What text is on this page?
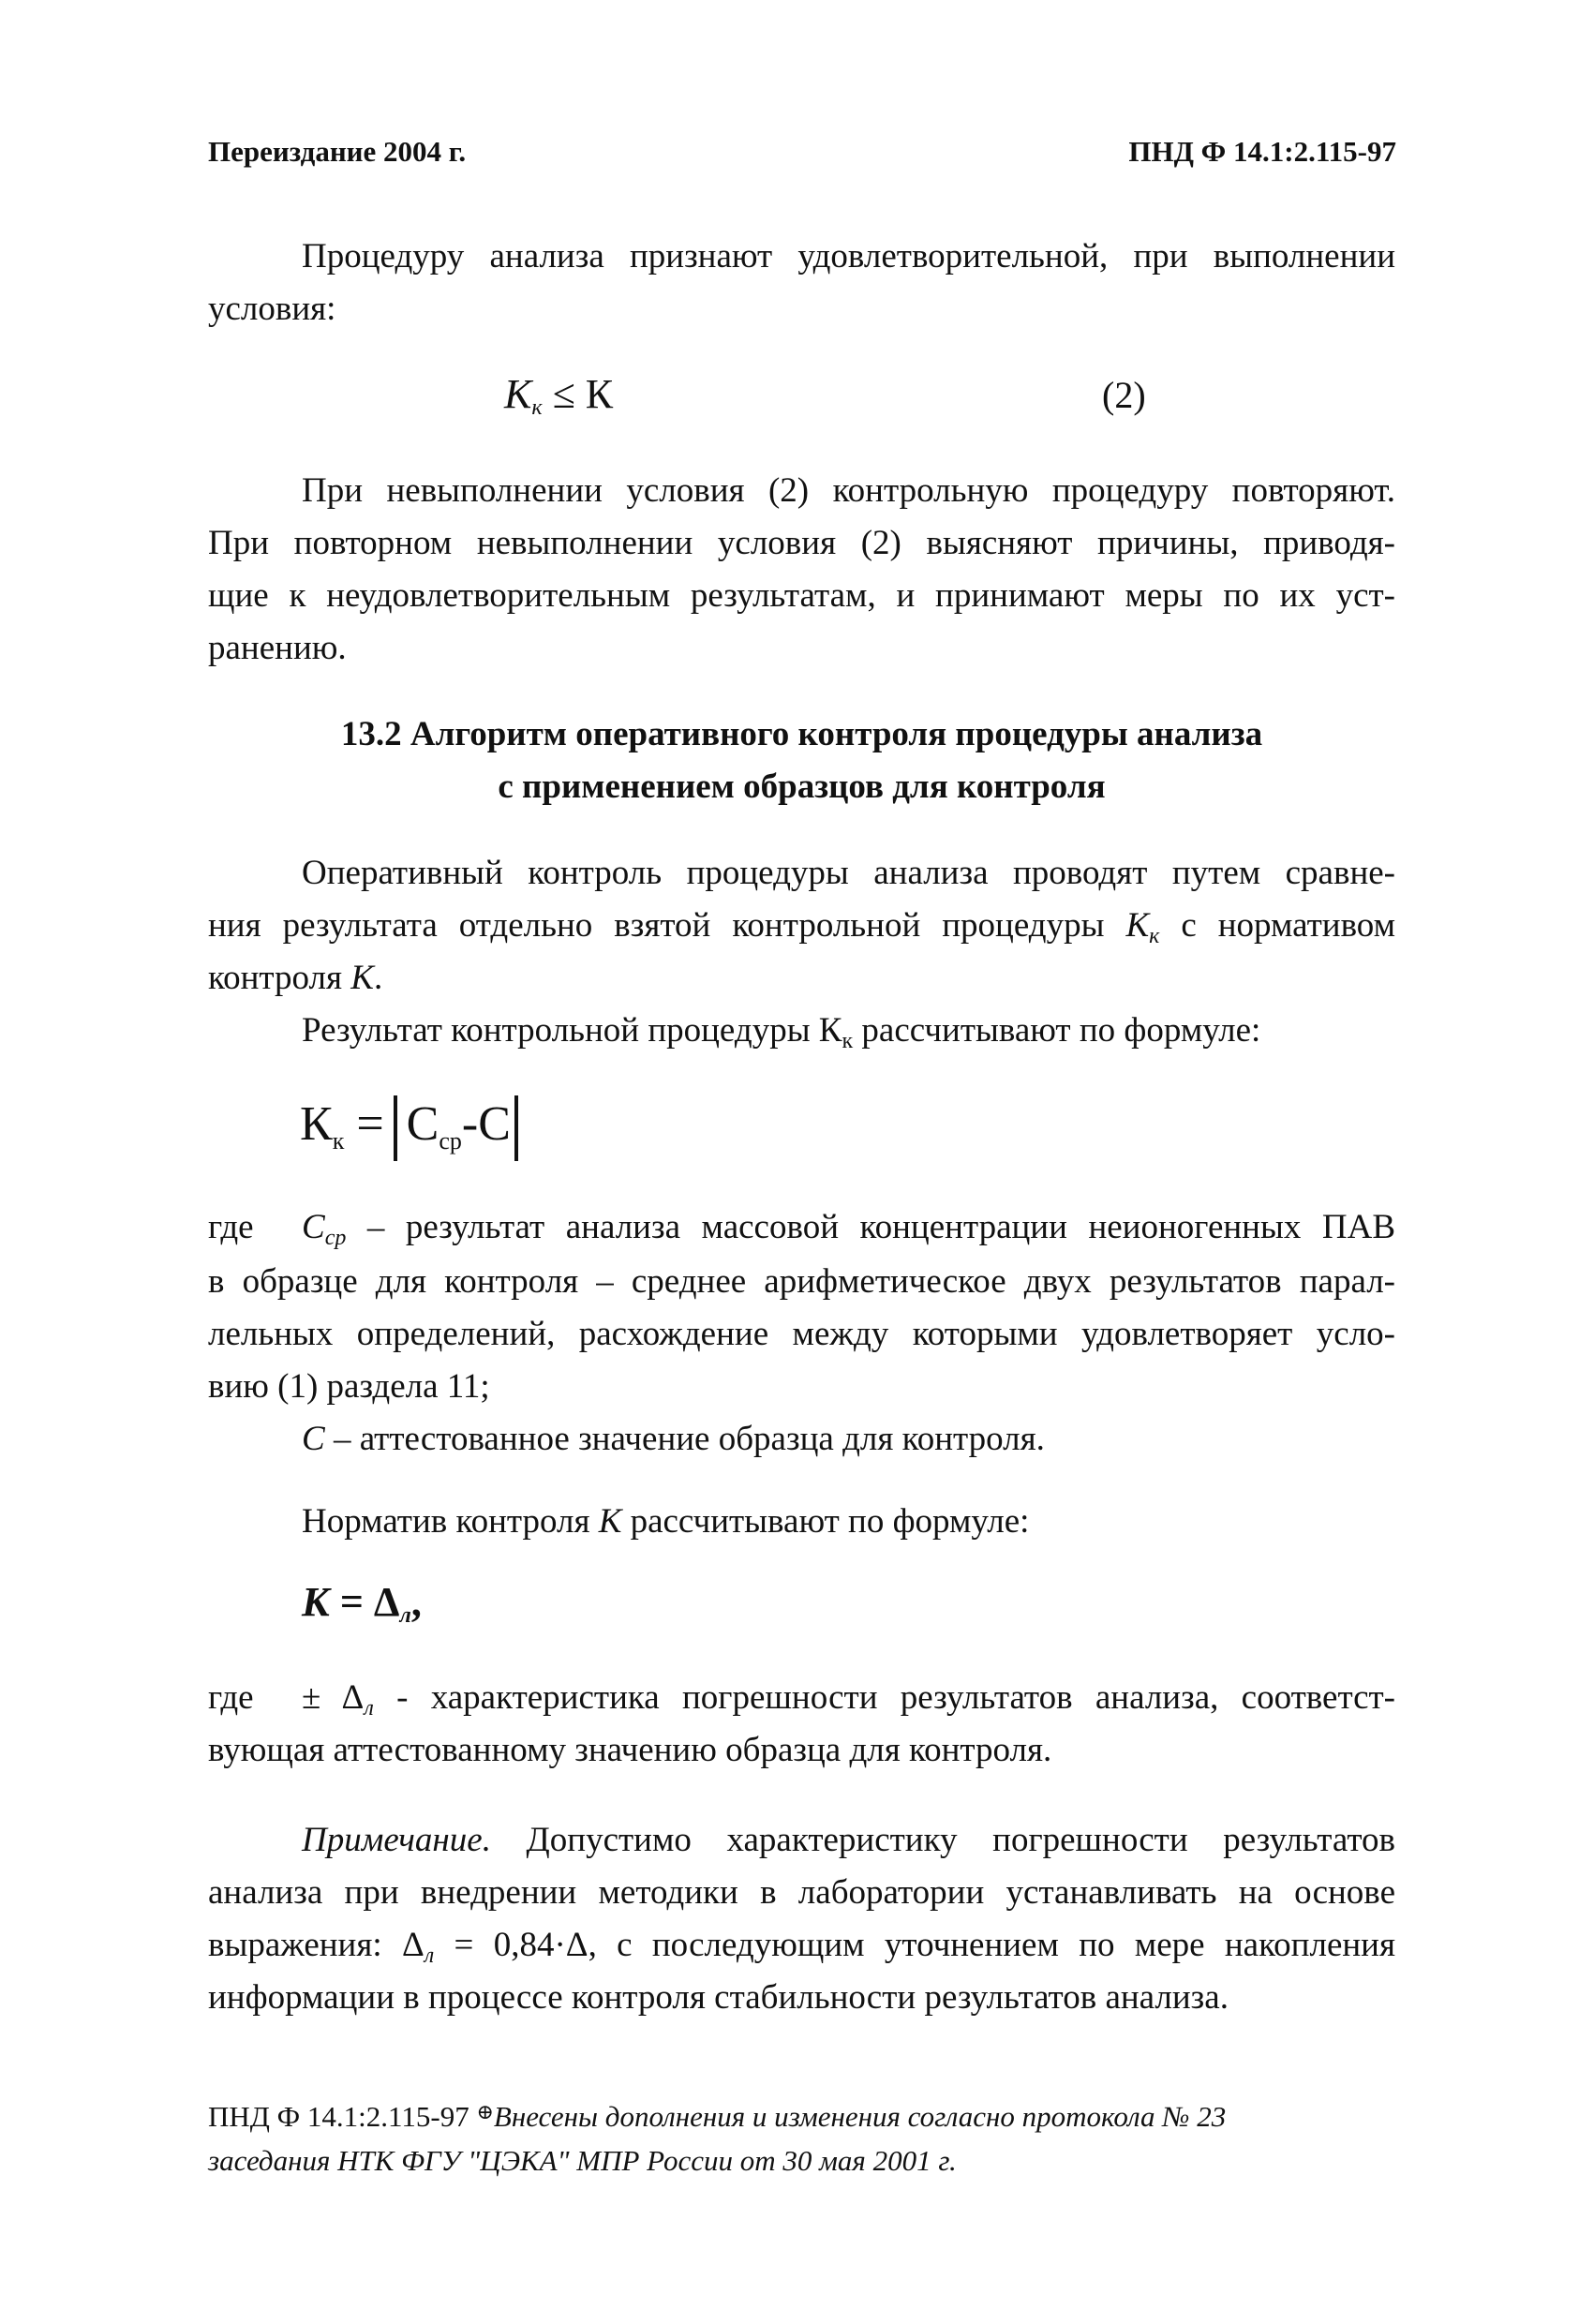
Переиздание 2004 г.	ПНД Ф 14.1:2.115-97

Процедуру анализа признают удовлетворительной, при выполнении

условия:

$K_к \le К$	(2)

При невыполнении условия (2) контрольную процедуру повторяют.

При повторном невыполнении условия (2) выясняют причины, приводя-

щие к неудовлетворительным результатам, и принимают меры по их уст-

ранению.

13.2 Алгоритм оперативного контроля процедуры анализа
с применением образцов для контроля

Оперативный контроль процедуры анализа проводят путем сравне-

ния результата отдельно взятой контрольной процедуры $K_к$ с нормативом

контроля K.

Результат контрольной процедуры $К_к$ рассчитывают по формуле:

Кк = Сср-С
где $C_{ср}$ – результат анализа массовой концентрации неионогенных ПАВ

в образце для контроля – среднее арифметическое двух результатов парал-

лельных определений, расхождение между которыми удовлетворяет усло-

вию (1) раздела 11;

С – аттестованное значение образца для контроля.

Норматив контроля К рассчитывают по формуле:

$К = \Delta_л$,
где ± $\Delta_л$ - характеристика погрешности результатов анализа, соответст-

вующая аттестованному значению образца для контроля.

Примечание. Допустимо характеристику погрешности результатов

анализа при внедрении методики в лаборатории устанавливать на основе

выражения: $\Delta_л = 0,84\cdot\Delta$, с последующим уточнением по мере накопления

информации в процессе контроля стабильности результатов анализа.

ПНД Ф 14.1:2.115-97 ⊕Внесены дополнения и изменения согласно протокола № 23
заседания НТК ФГУ "ЦЭКА" МПР России от 30 мая 2001 г.
